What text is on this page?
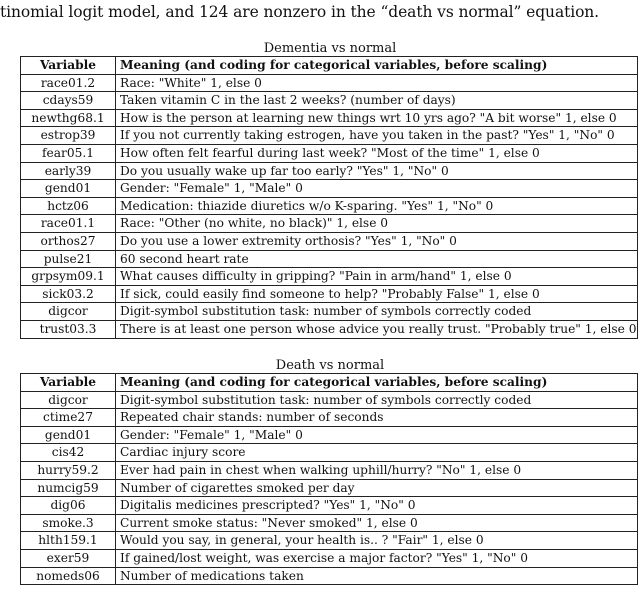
tinomial logit model, and 124 are nonzero in the “death vs normal” equation.
Dementia vs normal
Variable	Meaning (and coding for categorical variables, before scaling)
race01.2	Race: "White" 1, else 0
cdays59	Taken vitamin C in the last 2 weeks? (number of days)
newthg68.1	How is the person at learning new things wrt 10 yrs ago? "A bit worse" 1, else 0
estrop39	If you not currently taking estrogen, have you taken in the past? "Yes" 1, "No" 0
fear05.1	How often felt fearful during last week? "Most of the time" 1, else 0
early39	Do you usually wake up far too early? "Yes" 1, "No" 0
gend01	Gender: "Female" 1, "Male" 0
hctz06	Medication: thiazide diuretics w/o K-sparing. "Yes" 1, "No" 0
race01.1	Race: "Other (no white, no black)" 1, else 0
orthos27	Do you use a lower extremity orthosis? "Yes" 1, "No" 0
pulse21	60 second heart rate
grpsym09.1	What causes difficulty in gripping? "Pain in arm/hand" 1, else 0
sick03.2	If sick, could easily find someone to help? "Probably False" 1, else 0
digcor	Digit-symbol substitution task: number of symbols correctly coded
trust03.3	There is at least one person whose advice you really trust. "Probably true" 1, else 0
Death vs normal
Variable	Meaning (and coding for categorical variables, before scaling)
digcor	Digit-symbol substitution task: number of symbols correctly coded
ctime27	Repeated chair stands: number of seconds
gend01	Gender: "Female" 1, "Male" 0
cis42	Cardiac injury score
hurry59.2	Ever had pain in chest when walking uphill/hurry? "No" 1, else 0
numcig59	Number of cigarettes smoked per day
dig06	Digitalis medicines prescripted? "Yes" 1, "No" 0
smoke.3	Current smoke status: "Never smoked" 1, else 0
hlth159.1	Would you say, in general, your health is.. ? "Fair" 1, else 0
exer59	If gained/lost weight, was exercise a major factor? "Yes" 1, "No" 0
nomeds06	Number of medications taken
